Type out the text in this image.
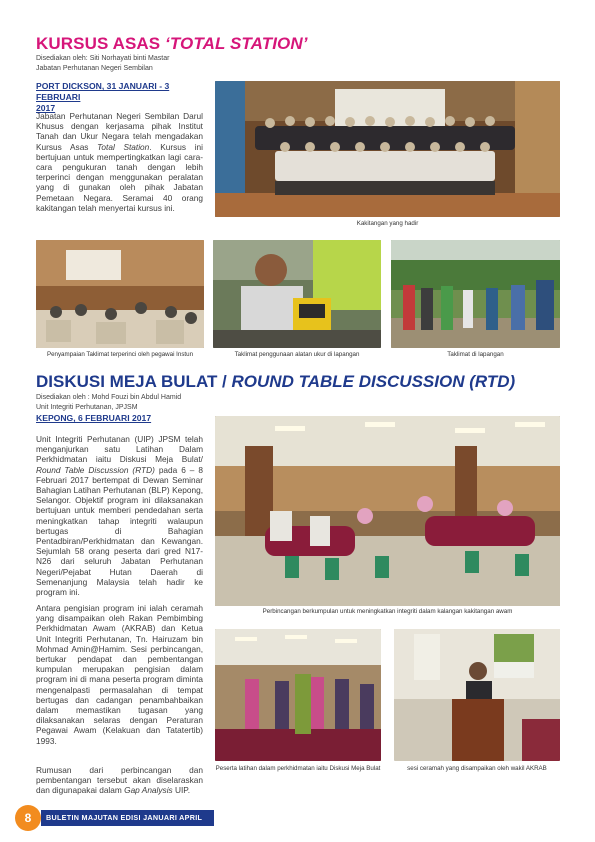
KURSUS ASAS ‘TOTAL STATION’
Disediakan oleh: Siti Norhayati binti Mastar
Jabatan Perhutanan Negeri Sembilan
PORT DICKSON, 31 JANUARI - 3 FEBRUARI
2017
Jabatan Perhutanan Negeri Sembilan Darul Khusus dengan kerjasama pihak Institut Tanah dan Ukur Negara telah mengadakan Kursus Asas Total Station. Kursus ini bertujuan untuk mempertingkatkan lagi cara-cara pengukuran tanah dengan lebih terperinci dengan menggunakan peralatan yang di gunakan oleh pihak Jabatan Pemetaan Negara. Seramai 40 orang kakitangan telah menyertai kursus ini.
Kakitangan yang hadir
Penyampaian Taklimat terperinci oleh pegawai Instun	Taklimat penggunaan alatan ukur di lapangan	Taklimat di lapangan
DISKUSI MEJA BULAT / ROUND TABLE DISCUSSION (RTD)
Disediakan oleh : Mohd Fouzi bin Abdul Hamid
Unit Integriti Perhutanan, JPJSM
KEPONG, 6 FEBRUARI 2017
Unit Integriti Perhutanan (UIP) JPSM telah menganjurkan satu Latihan Dalam Perkhidmatan iaitu Diskusi Meja Bulat/ Round Table Discussion (RTD) pada 6 – 8 Februari 2017 bertempat di Dewan Seminar Bahagian Latihan Perhutanan (BLP) Kepong, Selangor. Objektif program ini dilaksanakan bertujuan untuk memberi pendedahan serta meningkatkan tahap integriti walaupun bertugas di Bahagian Pentadbiran/Perkhidmatan dan Kewangan. Sejumlah 58 orang peserta dari gred N17-N26 dari seluruh Jabatan Perhutanan Negeri/Pejabat Hutan Daerah di Semenanjung Malaysia telah hadir ke program ini.
Antara pengisian program ini ialah ceramah yang disampaikan oleh Rakan Pembimbing Perkhidmatan Awam (AKRAB) dan Ketua Unit Integriti Perhutanan, Tn. Hairuzam bin Mohmad Amin@Hamim. Sesi perbincangan, bertukar pendapat dan pembentangan kumpulan merupakan pengisian dalam program ini di mana peserta program diminta mengenalpasti permasalahan di tempat bertugas dan cadangan penambahbaikan dalam memastikan tugasan yang dilaksanakan selaras dengan Peraturan Pegawai Awam (Kelakuan dan Tatatertib) 1993.
Rumusan dari perbincangan dan pembentangan tersebut akan diselaraskan dan digunapakai dalam Gap Analysis UIP.
Perbincangan berkumpulan untuk meningkatkan integriti dalam kalangan kakitangan awam
Peserta latihan dalam perkhidmatan iaitu Diskusi Meja Bulat	sesi ceramah yang disampaikan oleh wakil AKRAB
BULETIN MAJUTAN EDISI JANUARI APRIL 2017
8
